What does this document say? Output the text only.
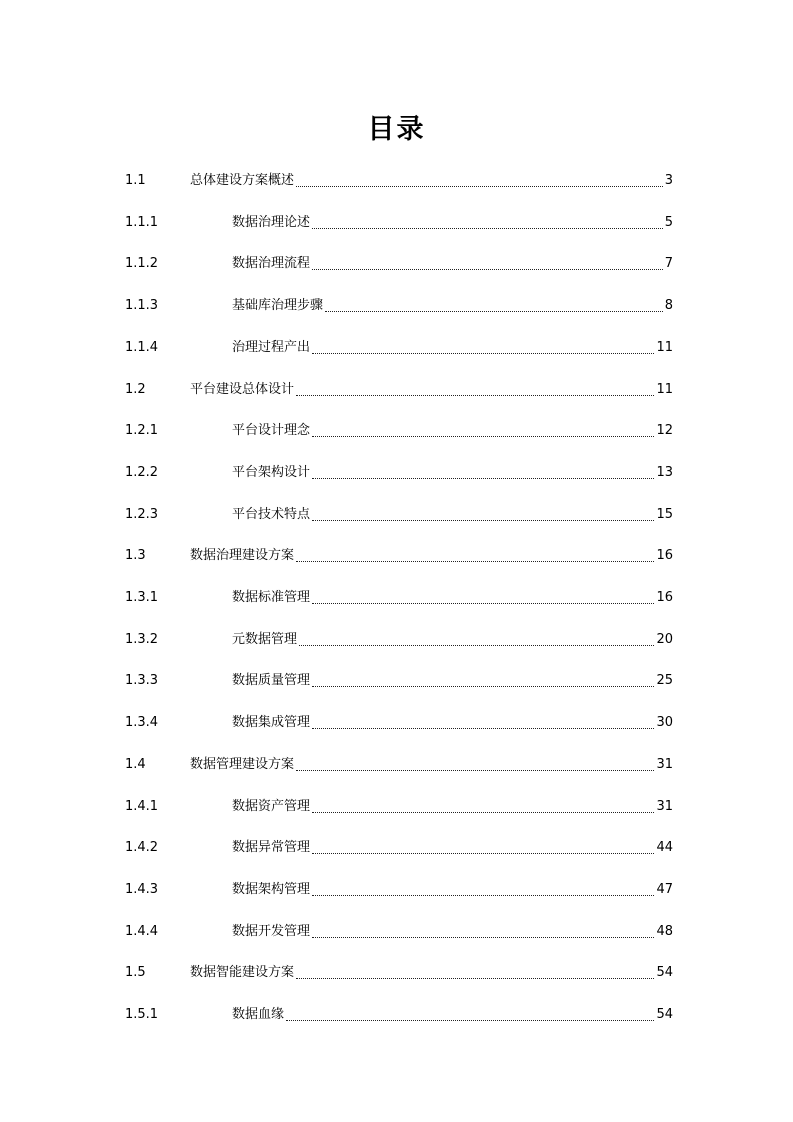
目录
1.1	总体建设方案概述	3
1.1.1	数据治理论述	5
1.1.2	数据治理流程	7
1.1.3	基础库治理步骤	8
1.1.4	治理过程产出	11
1.2	平台建设总体设计	11
1.2.1	平台设计理念	12
1.2.2	平台架构设计	13
1.2.3	平台技术特点	15
1.3	数据治理建设方案	16
1.3.1	数据标准管理	16
1.3.2	元数据管理	20
1.3.3	数据质量管理	25
1.3.4	数据集成管理	30
1.4	数据管理建设方案	31
1.4.1	数据资产管理	31
1.4.2	数据异常管理	44
1.4.3	数据架构管理	47
1.4.4	数据开发管理	48
1.5	数据智能建设方案	54
1.5.1	数据血缘	54
